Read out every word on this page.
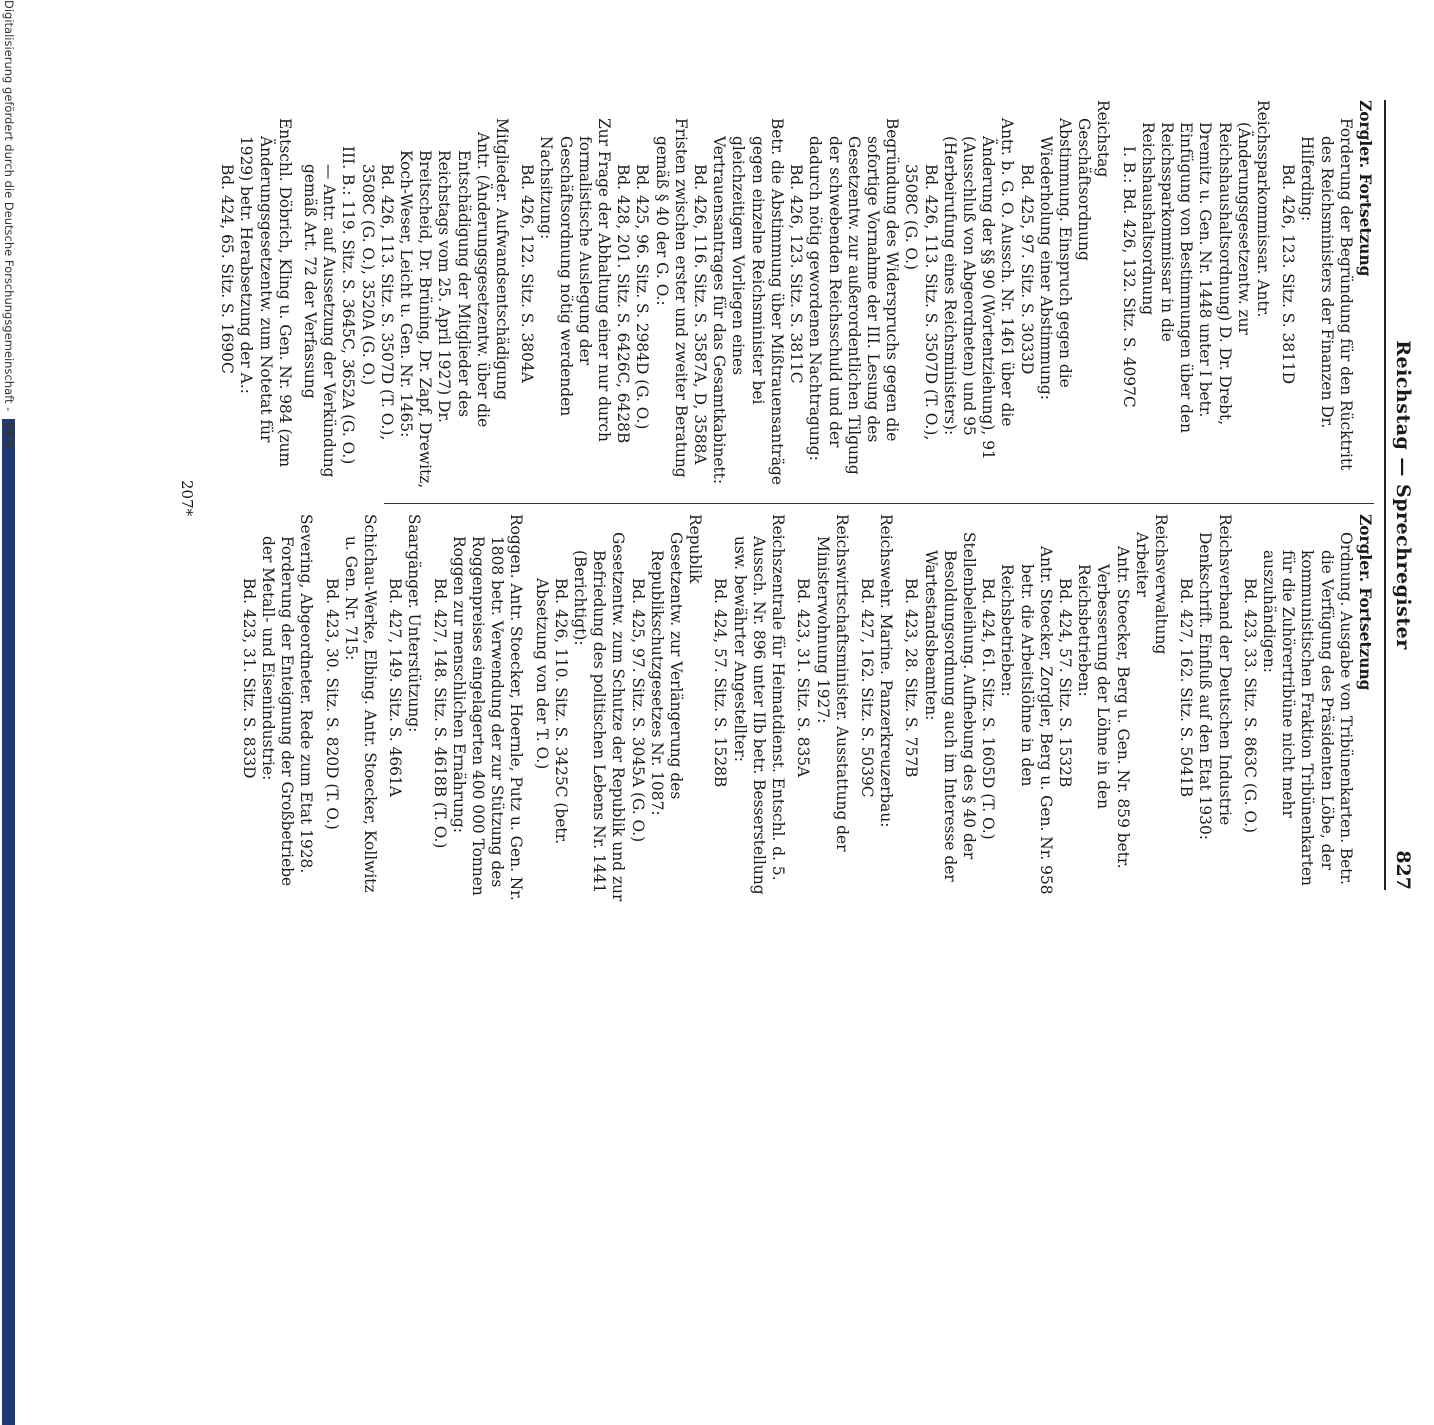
Reichstag — Sprechregister
827

Zorgler. Fortsetzung

Forderung der Begründung für den Rücktritt des Reichsministers der Finanzen Dr. Hilferding:

Bd. 426, 123. Sitz. S. 3811D

Reichssparkommissar. Antr. (Änderungsgesetzentw. zur Reichshaushaltsordnung) D. Dr. Drebt, Dremitz u. Gen. Nr. 1448 unter I betr. Einfügung von Bestimmungen über den Reichssparkommissar in die Reichshaushaltsordnung

I. B.: Bd. 426, 132. Sitz. S. 4097C

Reichstag

Geschäftsordnung

Abstimmung. Einspruch gegen die Wiederholung einer Abstimmung:

Bd. 425, 97. Sitz. S. 3033D

Antr. b. G. O. Aussch. Nr. 1461 über die Änderung der §§ 90 (Wortentziehung), 91 (Ausschluß von Abgeordneten) und 95 (Herbeirufung eines Reichsministers):

Bd. 426, 113. Sitz. S. 3507D (T. O.), 3508C (G. O.)

Begründung des Widerspruchs gegen die sofortige Vornahme der III. Lesung des Gesetzentw. zur außerordentlichen Tilgung der schwebenden Reichsschuld und der dadurch nötig gewordenen Nachtragung:

Bd. 426, 123. Sitz. S. 3811C

Betr. die Abstimmung über Mißtrauensanträge gegen einzelne Reichsminister bei gleichzeitigem Vorliegen eines Vertrauensantrages für das Gesamtkabinett:

Bd. 426, 116. Sitz. S. 3587A, D, 3588A

Fristen zwischen erster und zweiter Beratung gemäß § 40 der G. O.:

Bd. 425, 96. Sitz. S. 2984D (G. O.)

Bd. 428, 201. Sitz. S. 6426C, 6428B

Zur Frage der Abhaltung einer nur durch formalistische Auslegung der Geschäftsordnung nötig werdenden Nachsitzung:

Bd. 426, 122. Sitz. S. 3804A

Mitglieder. Aufwandsentschädigung

Antr. (Änderungsgesetzentw. über die Entschädigung der Mitglieder des Reichstags vom 25. April 1927) Dr. Breitscheid, Dr. Brüning, Dr. Zapf, Drewitz, Koch-Weser, Leicht u. Gen. Nr. 1465:

Bd. 426, 113. Sitz. S. 3507D (T. O.), 3508C (G. O.), 3520A (G. O.)

III. B.: 119. Sitz. S. 3645C, 3652A (G. O.)

— Antr. auf Aussetzung der Verkündung gemäß Art. 72 der Verfassung

Entschl. Döbrich, Kling u. Gen. Nr. 984 (zum Änderungsgesetzentw. zum Notetat für 1929) betr. Herabsetzung der A.:

Bd. 424, 65. Sitz. S. 1690C

Zorgler. Fortsetzung

Ordnung. Ausgabe von Tribünenkarten. Betr. die Verfügung des Präsidenten Löbe, der kommunistischen Fraktion Tribünenkarten für die Zuhörertribüne nicht mehr auszuhändigen:

Bd. 423, 33. Sitz. S. 863C (G. O.)

Reichsverband der Deutschen Industrie

Denkschrift. Einfluß auf den Etat 1930:

Bd. 427, 162. Sitz. S. 5041B

Reichsverwaltung

Arbeiter

Antr. Stoecker, Berg u. Gen. Nr. 859 betr. Verbesserung der Löhne in den Reichsbetrieben:

Bd. 424, 57. Sitz. S. 1532B

Antr. Stoecker, Zorgler, Berg u. Gen. Nr. 958 betr. die Arbeitslöhne in den Reichsbetrieben:

Bd. 424, 61. Sitz. S. 1605D (T. O.)

Stellenbeleihung. Aufhebung des § 40 der Besoldungsordnung auch im Interesse der Wartestandsbeamten:

Bd. 423, 28. Sitz. S. 757B

Reichswehr. Marine. Panzerkreuzerbau:

Bd. 427, 162. Sitz. S. 5039C

Reichswirtschaftsminister. Ausstattung der Ministerwohnung 1927:

Bd. 423, 31. Sitz. S. 835A

Reichszentrale für Heimatdienst. Entschl. d. 5. Aussch. Nr. 896 unter IIb betr. Besserstellung usw. bewährter Angestellter:

Bd. 424, 57. Sitz. S. 1528B

Republik

Gesetzentw. zur Verlängerung des Republikschutzgesetzes Nr. 1087:

Bd. 425, 97. Sitz. S. 3045A (G. O.)

Gesetzentw. zum Schutze der Republik und zur Befriedung des politischen Lebens Nr. 1441 (Berichtigt):

Bd. 426, 110. Sitz. S. 3425C (betr. Absetzung von der T. O.)

Roggen. Antr. Stoecker, Hoernle, Putz u. Gen. Nr. 1808 betr. Verwendung der zur Stützung des Roggenpreises eingelagerten 400 000 Tonnen Roggen zur menschlichen Ernährung:

Bd. 427, 148. Sitz. S. 4618B (T. O.)

Saargänger. Unterstützung:

Bd. 427, 149. Sitz. S. 4661A

Schichau-Werke, Elbing. Antr. Stoecker, Kollwitz u. Gen. Nr. 715:

Bd. 423, 30. Sitz. S. 820D (T. O.)

Severing, Abgeordneter. Rede zum Etat 1928. Forderung der Enteignung der Großbetriebe der Metall- und Eisenindustrie:

Bd. 423, 31. Sitz. S. 833D

207*
Digitalisierung gefördert durch die Deutsche Forschungsgemeinschaft - DFG
